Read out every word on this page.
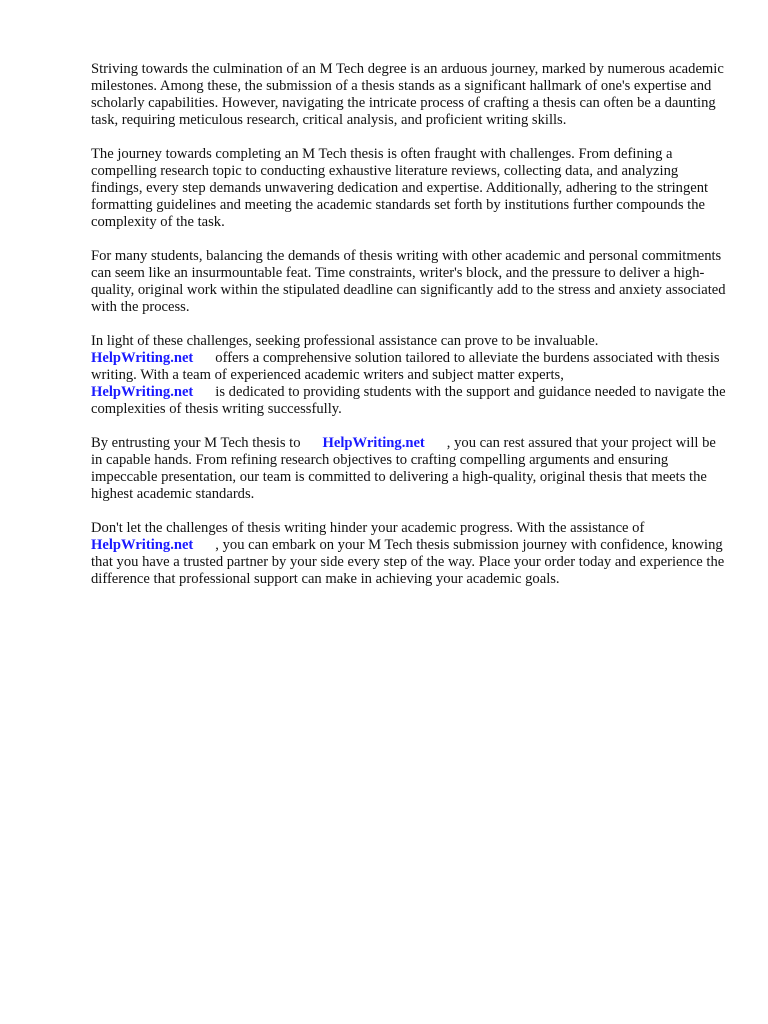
Striving towards the culmination of an M Tech degree is an arduous journey, marked by numerous academic milestones. Among these, the submission of a thesis stands as a significant hallmark of one's expertise and scholarly capabilities. However, navigating the intricate process of crafting a thesis can often be a daunting task, requiring meticulous research, critical analysis, and proficient writing skills.

The journey towards completing an M Tech thesis is often fraught with challenges. From defining a compelling research topic to conducting exhaustive literature reviews, collecting data, and analyzing findings, every step demands unwavering dedication and expertise. Additionally, adhering to the stringent formatting guidelines and meeting the academic standards set forth by institutions further compounds the complexity of the task.

For many students, balancing the demands of thesis writing with other academic and personal commitments can seem like an insurmountable feat. Time constraints, writer's block, and the pressure to deliver a high-quality, original work within the stipulated deadline can significantly add to the stress and anxiety associated with the process.

In light of these challenges, seeking professional assistance can prove to be invaluable.
HelpWriting.net offers a comprehensive solution tailored to alleviate the burdens associated with thesis writing. With a team of experienced academic writers and subject matter experts,
HelpWriting.net is dedicated to providing students with the support and guidance needed to navigate the complexities of thesis writing successfully.

By entrusting your M Tech thesis to HelpWriting.net , you can rest assured that your project will be in capable hands. From refining research objectives to crafting compelling arguments and ensuring impeccable presentation, our team is committed to delivering a high-quality, original thesis that meets the highest academic standards.

Don't let the challenges of thesis writing hinder your academic progress. With the assistance of
HelpWriting.net , you can embark on your M Tech thesis submission journey with confidence, knowing that you have a trusted partner by your side every step of the way. Place your order today and experience the difference that professional support can make in achieving your academic goals.
